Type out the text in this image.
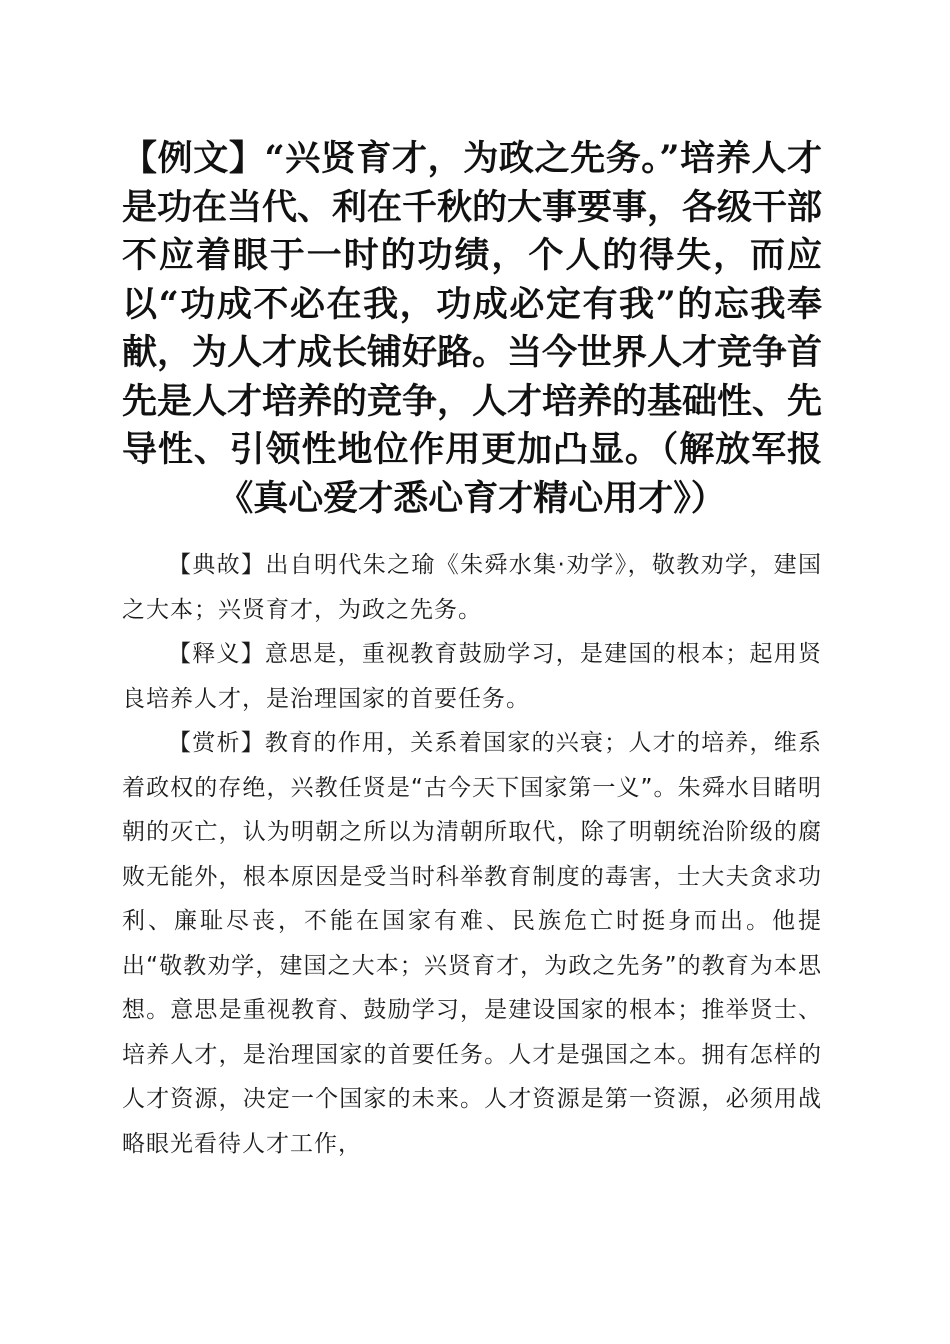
【例文】“兴贤育才，为政之先务。”培养人才是功在当代、利在千秋的大事要事，各级干部不应着眼于一时的功绩，个人的得失，而应以“功成不必在我，功成必定有我”的忘我奉献，为人才成长铺好路。当今世界人才竞争首先是人才培养的竞争，人才培养的基础性、先导性、引领性地位作用更加凸显。（解放军报《真心爱才悉心育才精心用才》）

【典故】出自明代朱之瑜《朱舜水集·劝学》，敬教劝学，建国之大本；兴贤育才，为政之先务。

【释义】意思是，重视教育鼓励学习，是建国的根本；起用贤良培养人才，是治理国家的首要任务。

【赏析】教育的作用，关系着国家的兴衰；人才的培养，维系着政权的存绝，兴教任贤是“古今天下国家第一义”。朱舜水目睹明朝的灭亡，认为明朝之所以为清朝所取代，除了明朝统治阶级的腐败无能外，根本原因是受当时科举教育制度的毒害，士大夫贪求功利、廉耻尽丧，不能在国家有难、民族危亡时挺身而出。他提出“敬教劝学，建国之大本；兴贤育才，为政之先务”的教育为本思想。意思是重视教育、鼓励学习，是建设国家的根本；推举贤士、培养人才，是治理国家的首要任务。人才是强国之本。拥有怎样的人才资源，决定一个国家的未来。人才资源是第一资源，必须用战略眼光看待人才工作，
